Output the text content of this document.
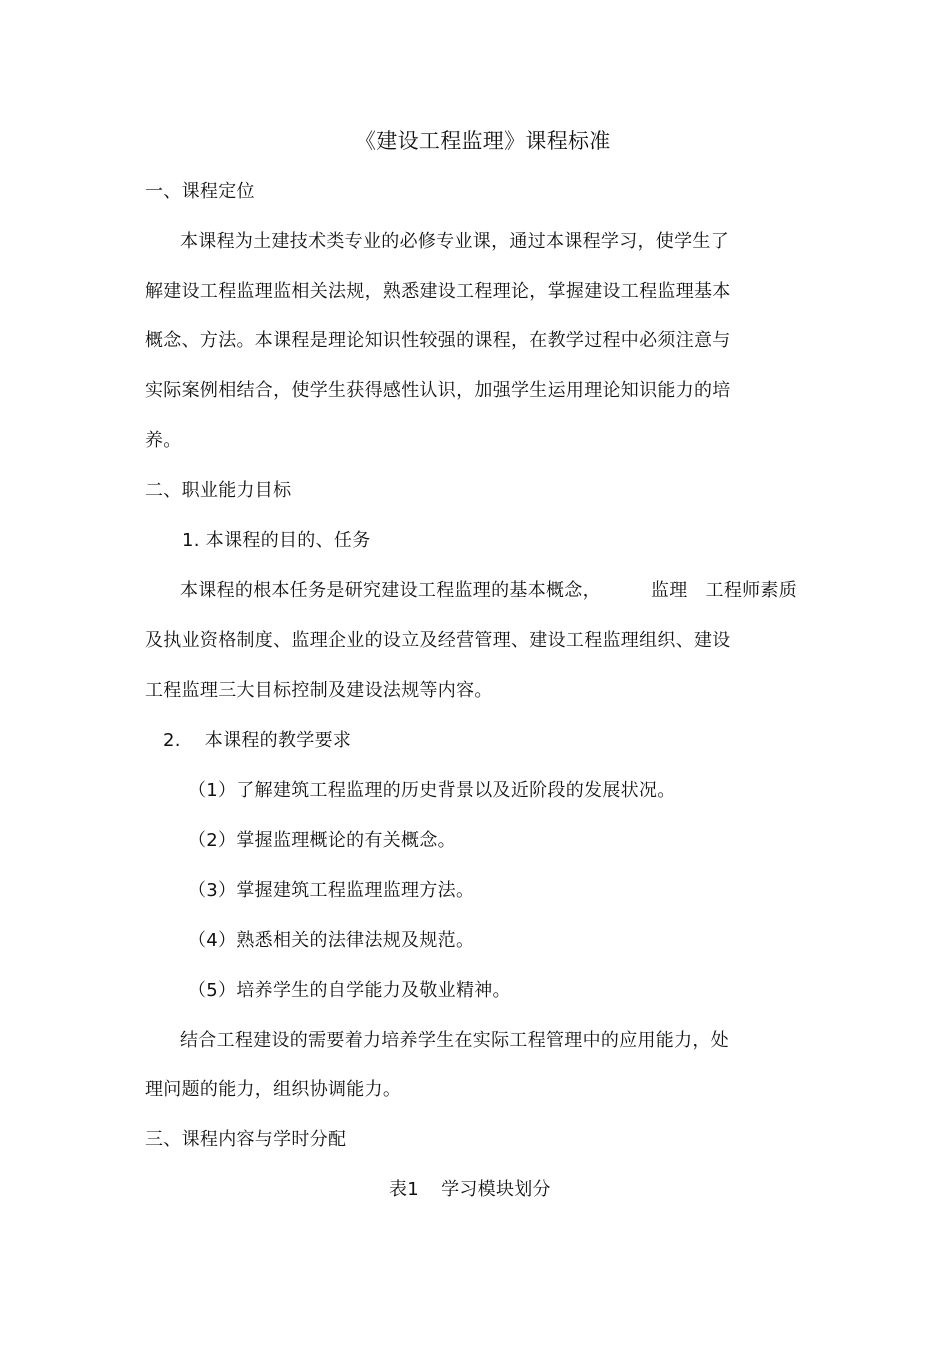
《建设工程监理》课程标准
一、课程定位
本课程为土建技术类专业的必修专业课，通过本课程学习，使学生了
解建设工程监理监相关法规，熟悉建设工程理论，掌握建设工程监理基本
概念、方法。本课程是理论知识性较强的课程，在教学过程中必须注意与
实际案例相结合，使学生获得感性认识，加强学生运用理论知识能力的培
养。
二、职业能力目标
1. 本课程的目的、任务
本课程的根本任务是研究建设工程监理的基本概念，	监理 工程师素质
及执业资格制度、监理企业的设立及经营管理、建设工程监理组织、建设
工程监理三大目标控制及建设法规等内容。
2. 本课程的教学要求
（1）了解建筑工程监理的历史背景以及近阶段的发展状况。
（2）掌握监理概论的有关概念。
（3）掌握建筑工程监理监理方法。
（4）熟悉相关的法律法规及规范。
（5）培养学生的自学能力及敬业精神。
结合工程建设的需要着力培养学生在实际工程管理中的应用能力，处
理问题的能力，组织协调能力。
三、课程内容与学时分配
表1 学习模块划分
